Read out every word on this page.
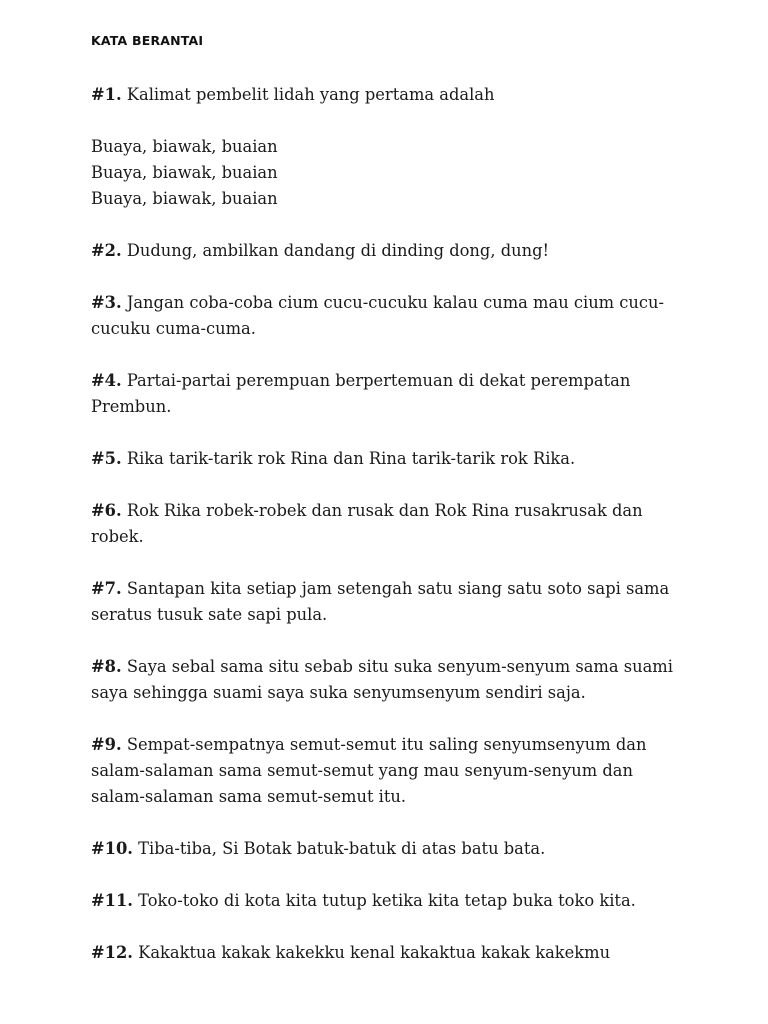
KATA BERANTAI
#1. Kalimat pembelit lidah yang pertama adalah
Buaya, biawak, buaian
Buaya, biawak, buaian
Buaya, biawak, buaian
#2. Dudung, ambilkan dandang di dinding dong, dung!
#3. Jangan coba-coba cium cucu-cucuku kalau cuma mau cium cucu-
cucuku cuma-cuma.
#4. Partai-partai perempuan berpertemuan di dekat perempatan
Prembun.
#5. Rika tarik-tarik rok Rina dan Rina tarik-tarik rok Rika.
#6. Rok Rika robek-robek dan rusak dan Rok Rina rusakrusak dan
robek.
#7. Santapan kita setiap jam setengah satu siang satu soto sapi sama
seratus tusuk sate sapi pula.
#8. Saya sebal sama situ sebab situ suka senyum-senyum sama suami
saya sehingga suami saya suka senyumsenyum sendiri saja.
#9. Sempat-sempatnya semut-semut itu saling senyumsenyum dan
salam-salaman sama semut-semut yang mau senyum-senyum dan
salam-salaman sama semut-semut itu.
#10. Tiba-tiba, Si Botak batuk-batuk di atas batu bata.
#11. Toko-toko di kota kita tutup ketika kita tetap buka toko kita.
#12. Kakaktua kakak kakekku kenal kakaktua kakak kakekmu
